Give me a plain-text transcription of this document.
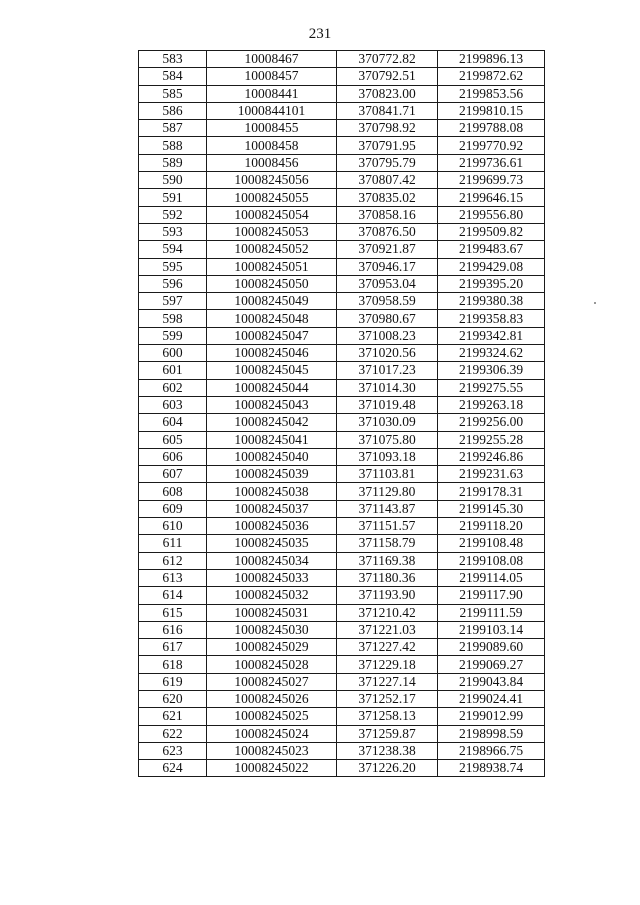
231
583	10008467	370772.82	2199896.13
584	10008457	370792.51	2199872.62
585	10008441	370823.00	2199853.56
586	1000844101	370841.71	2199810.15
587	10008455	370798.92	2199788.08
588	10008458	370791.95	2199770.92
589	10008456	370795.79	2199736.61
590	10008245056	370807.42	2199699.73
591	10008245055	370835.02	2199646.15
592	10008245054	370858.16	2199556.80
593	10008245053	370876.50	2199509.82
594	10008245052	370921.87	2199483.67
595	10008245051	370946.17	2199429.08
596	10008245050	370953.04	2199395.20
597	10008245049	370958.59	2199380.38
598	10008245048	370980.67	2199358.83
599	10008245047	371008.23	2199342.81
600	10008245046	371020.56	2199324.62
601	10008245045	371017.23	2199306.39
602	10008245044	371014.30	2199275.55
603	10008245043	371019.48	2199263.18
604	10008245042	371030.09	2199256.00
605	10008245041	371075.80	2199255.28
606	10008245040	371093.18	2199246.86
607	10008245039	371103.81	2199231.63
608	10008245038	371129.80	2199178.31
609	10008245037	371143.87	2199145.30
610	10008245036	371151.57	2199118.20
611	10008245035	371158.79	2199108.48
612	10008245034	371169.38	2199108.08
613	10008245033	371180.36	2199114.05
614	10008245032	371193.90	2199117.90
615	10008245031	371210.42	2199111.59
616	10008245030	371221.03	2199103.14
617	10008245029	371227.42	2199089.60
618	10008245028	371229.18	2199069.27
619	10008245027	371227.14	2199043.84
620	10008245026	371252.17	2199024.41
621	10008245025	371258.13	2199012.99
622	10008245024	371259.87	2198998.59
623	10008245023	371238.38	2198966.75
624	10008245022	371226.20	2198938.74
